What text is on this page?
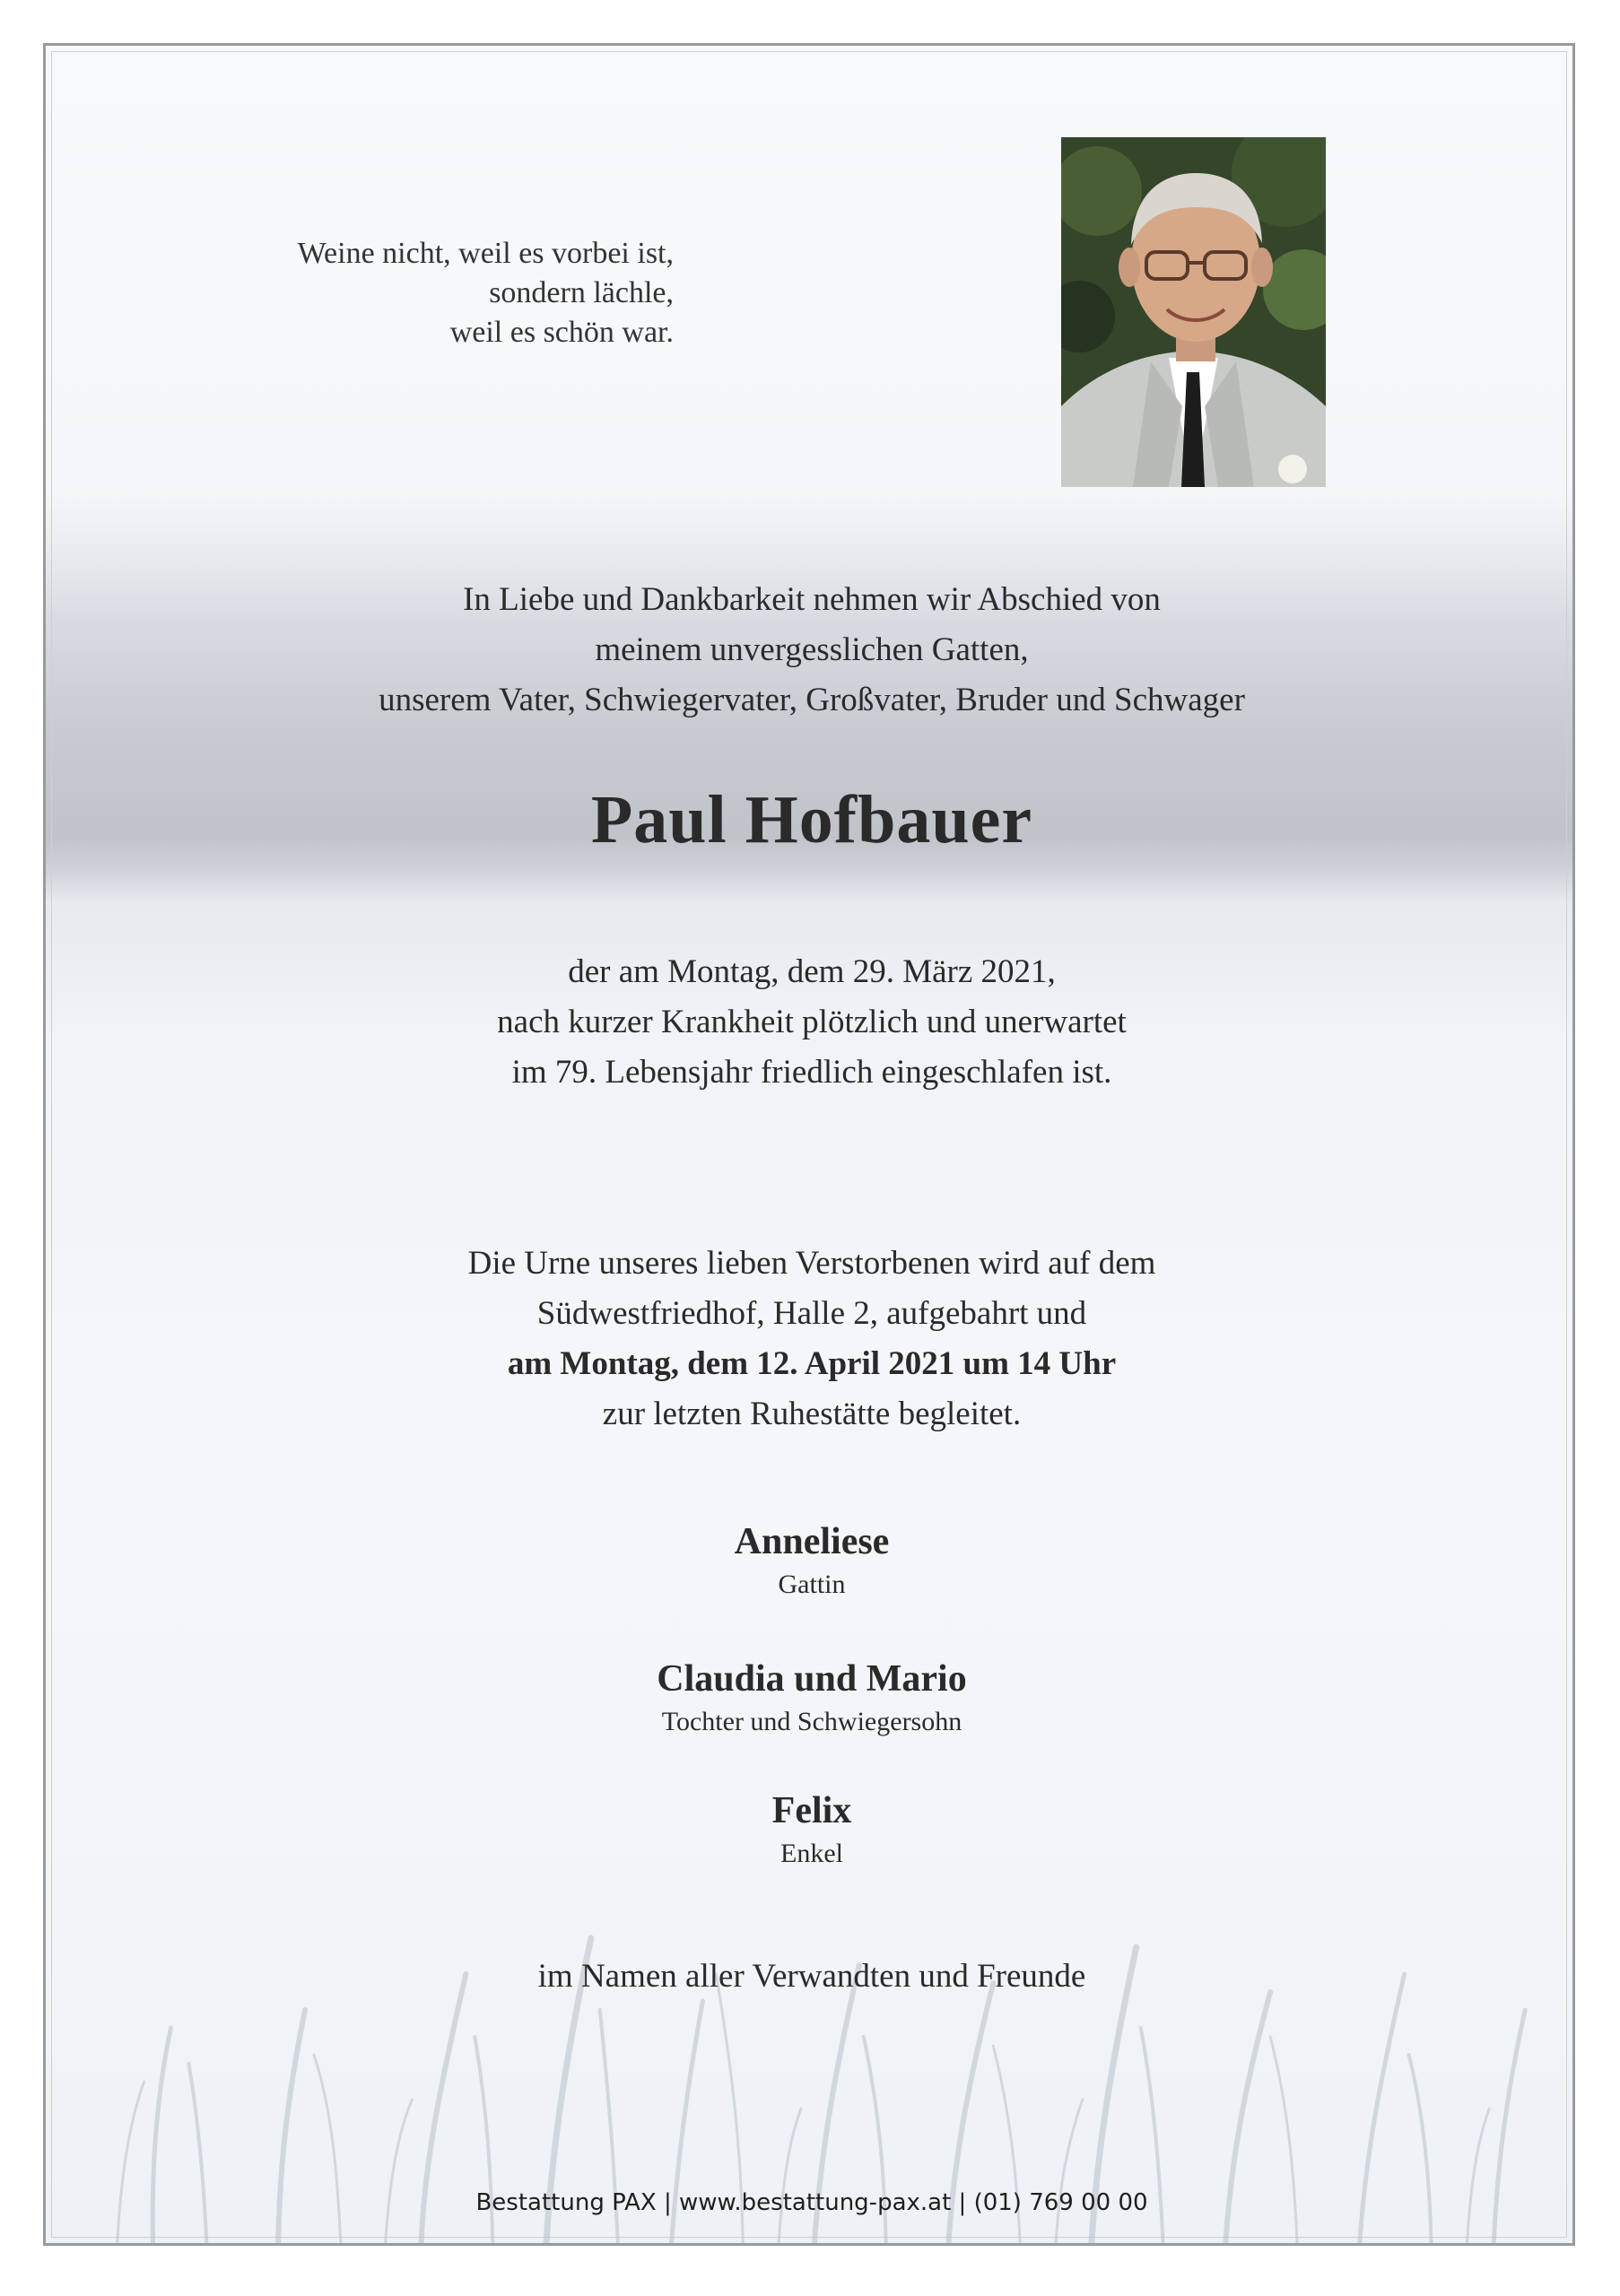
Weine nicht, weil es vorbei ist,
sondern lächle,
weil es schön war.
In Liebe und Dankbarkeit nehmen wir Abschied von
meinem unvergesslichen Gatten,
unserem Vater, Schwiegervater, Großvater, Bruder und Schwager
Paul Hofbauer
der am Montag, dem 29. März 2021,
nach kurzer Krankheit plötzlich und unerwartet
im 79. Lebensjahr friedlich eingeschlafen ist.
Die Urne unseres lieben Verstorbenen wird auf dem
Südwestfriedhof, Halle 2, aufgebahrt und
am Montag, dem 12. April 2021 um 14 Uhr
zur letzten Ruhestätte begleitet.
Anneliese
Gattin
Claudia und Mario
Tochter und Schwiegersohn
Felix
Enkel
im Namen aller Verwandten und Freunde
Bestattung PAX | www.bestattung-pax.at | (01) 769 00 00
